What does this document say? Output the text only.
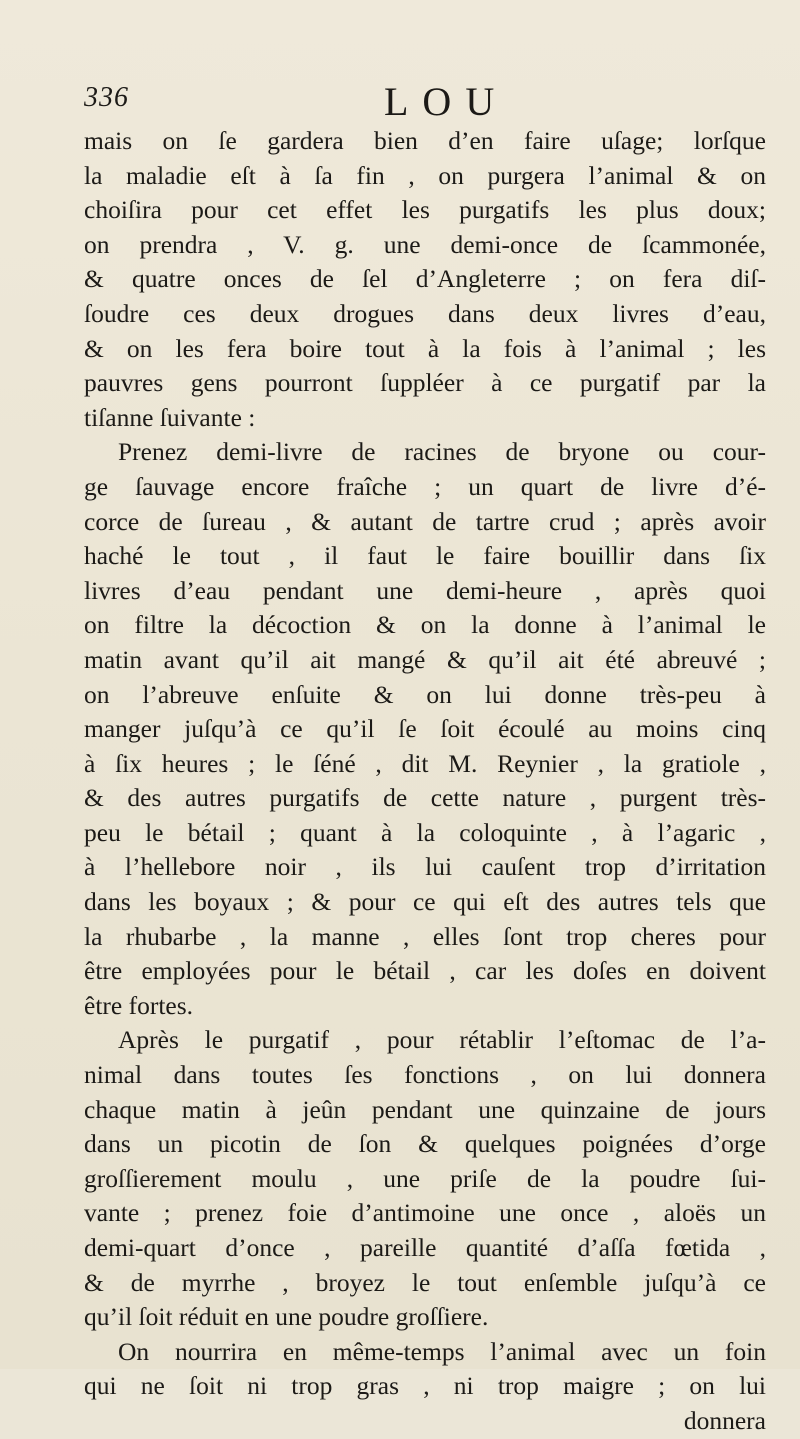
336	LOU
mais on ſe gardera bien d’en faire uſage; lorſque
la maladie eſt à ſa fin , on purgera l’animal & on
choiſira pour cet effet les purgatifs les plus doux;
on prendra , V. g. une demi-once de ſcammonée,
& quatre onces de ſel d’Angleterre ; on fera diſ-
ſoudre ces deux drogues dans deux livres d’eau,
& on les fera boire tout à la fois à l’animal ; les
pauvres gens pourront ſuppléer à ce purgatif par la
tiſanne ſuivante :
Prenez demi-livre de racines de bryone ou cour-
ge ſauvage encore fraîche ; un quart de livre d’é-
corce de ſureau , & autant de tartre crud ; après avoir
haché le tout , il faut le faire bouillir dans ſix
livres d’eau pendant une demi-heure , après quoi
on filtre la décoction & on la donne à l’animal le
matin avant qu’il ait mangé & qu’il ait été abreuvé ;
on l’abreuve enſuite & on lui donne très-peu à
manger juſqu’à ce qu’il ſe ſoit écoulé au moins cinq
à ſix heures ; le ſéné , dit M. Reynier , la gratiole ,
& des autres purgatifs de cette nature , purgent très-
peu le bétail ; quant à la coloquinte , à l’agaric ,
à l’hellebore noir , ils lui cauſent trop d’irritation
dans les boyaux ; & pour ce qui eſt des autres tels que
la rhubarbe , la manne , elles ſont trop cheres pour
être employées pour le bétail , car les doſes en doivent
être fortes.
Après le purgatif , pour rétablir l’eſtomac de l’a-
nimal dans toutes ſes fonctions , on lui donnera
chaque matin à jeûn pendant une quinzaine de jours
dans un picotin de ſon & quelques poignées d’orge
groſſierement moulu , une priſe de la poudre ſui-
vante ; prenez foie d’antimoine une once , aloës un
demi-quart d’once , pareille quantité d’aſſa fœtida ,
& de myrrhe , broyez le tout enſemble juſqu’à ce
qu’il ſoit réduit en une poudre groſſiere.
On nourrira en même-temps l’animal avec un foin
qui ne ſoit ni trop gras , ni trop maigre ; on lui
donnera
